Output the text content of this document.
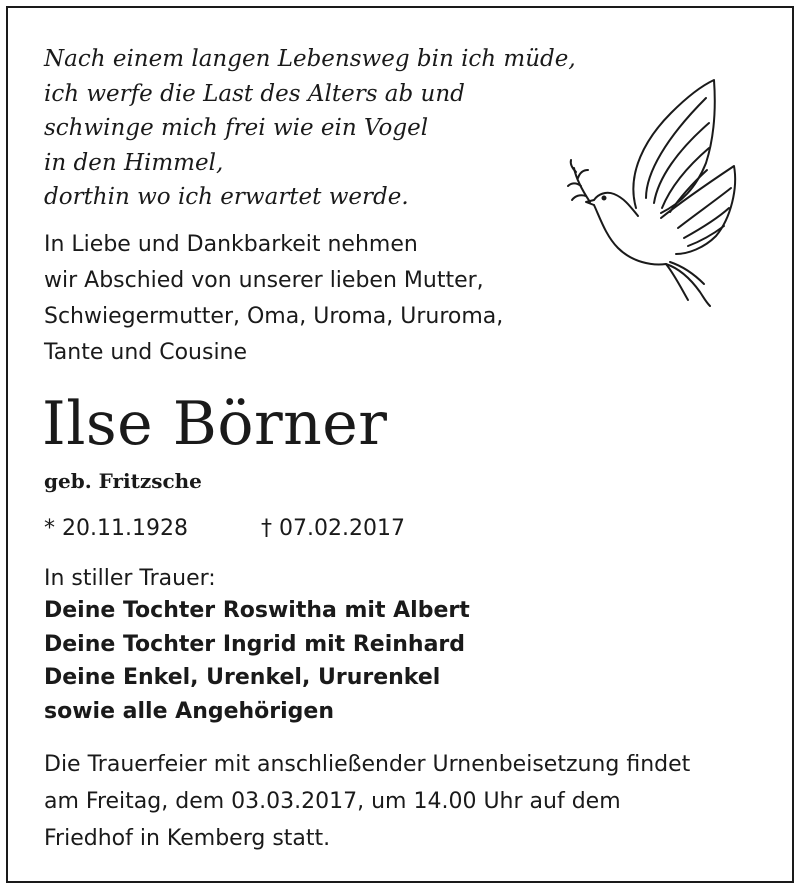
Nach einem langen Lebensweg bin ich müde,
ich werfe die Last des Alters ab und
schwinge mich frei wie ein Vogel
in den Himmel,
dorthin wo ich erwartet werde.
In Liebe und Dankbarkeit nehmen
wir Abschied von unserer lieben Mutter,
Schwiegermutter, Oma, Uroma, Ururoma,
Tante und Cousine
Ilse Börner
geb. Fritzsche
* 20.11.1928	† 07.02.2017
In stiller Trauer:
Deine Tochter Roswitha mit Albert
Deine Tochter Ingrid mit Reinhard
Deine Enkel, Urenkel, Ururenkel
sowie alle Angehörigen
Die Trauerfeier mit anschließender Urnenbeisetzung findet
am Freitag, dem 03.03.2017, um 14.00 Uhr auf dem
Friedhof in Kemberg statt.
